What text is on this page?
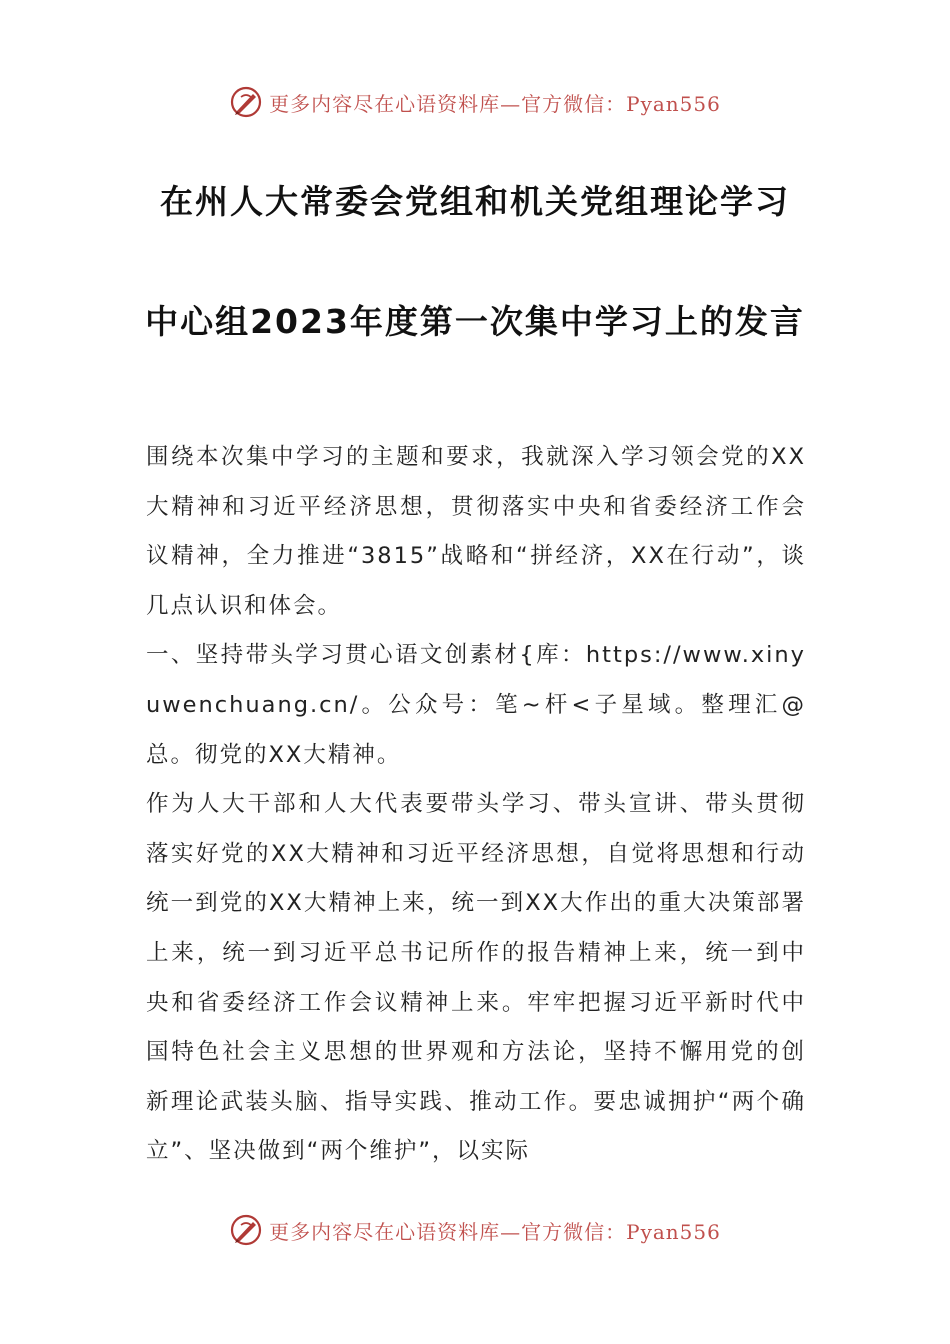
更多内容尽在心语资料库—官方微信：Pyan556
在州人大常委会党组和机关党组理论学习
中心组2023年度第一次集中学习上的发言

围绕本次集中学习的主题和要求，我就深入学习领会党的XX大精神和习近平经济思想，贯彻落实中央和省委经济工作会议精神，全力推进“3815”战略和“拼经济，XX在行动”，谈几点认识和体会。

一、坚持带头学习贯心语文创素材{库：https://www.xinyuwenchuang.cn/。公众号：笔~杆<子星域。整理汇@总。彻党的XX大精神。

作为人大干部和人大代表要带头学习、带头宣讲、带头贯彻落实好党的XX大精神和习近平经济思想，自觉将思想和行动统一到党的XX大精神上来，统一到XX大作出的重大决策部署上来，统一到习近平总书记所作的报告精神上来，统一到中央和省委经济工作会议精神上来。牢牢把握习近平新时代中国特色社会主义思想的世界观和方法论，坚持不懈用党的创新理论武装头脑、指导实践、推动工作。要忠诚拥护“两个确立”、坚决做到“两个维护”，以实际

更多内容尽在心语资料库—官方微信：Pyan556
